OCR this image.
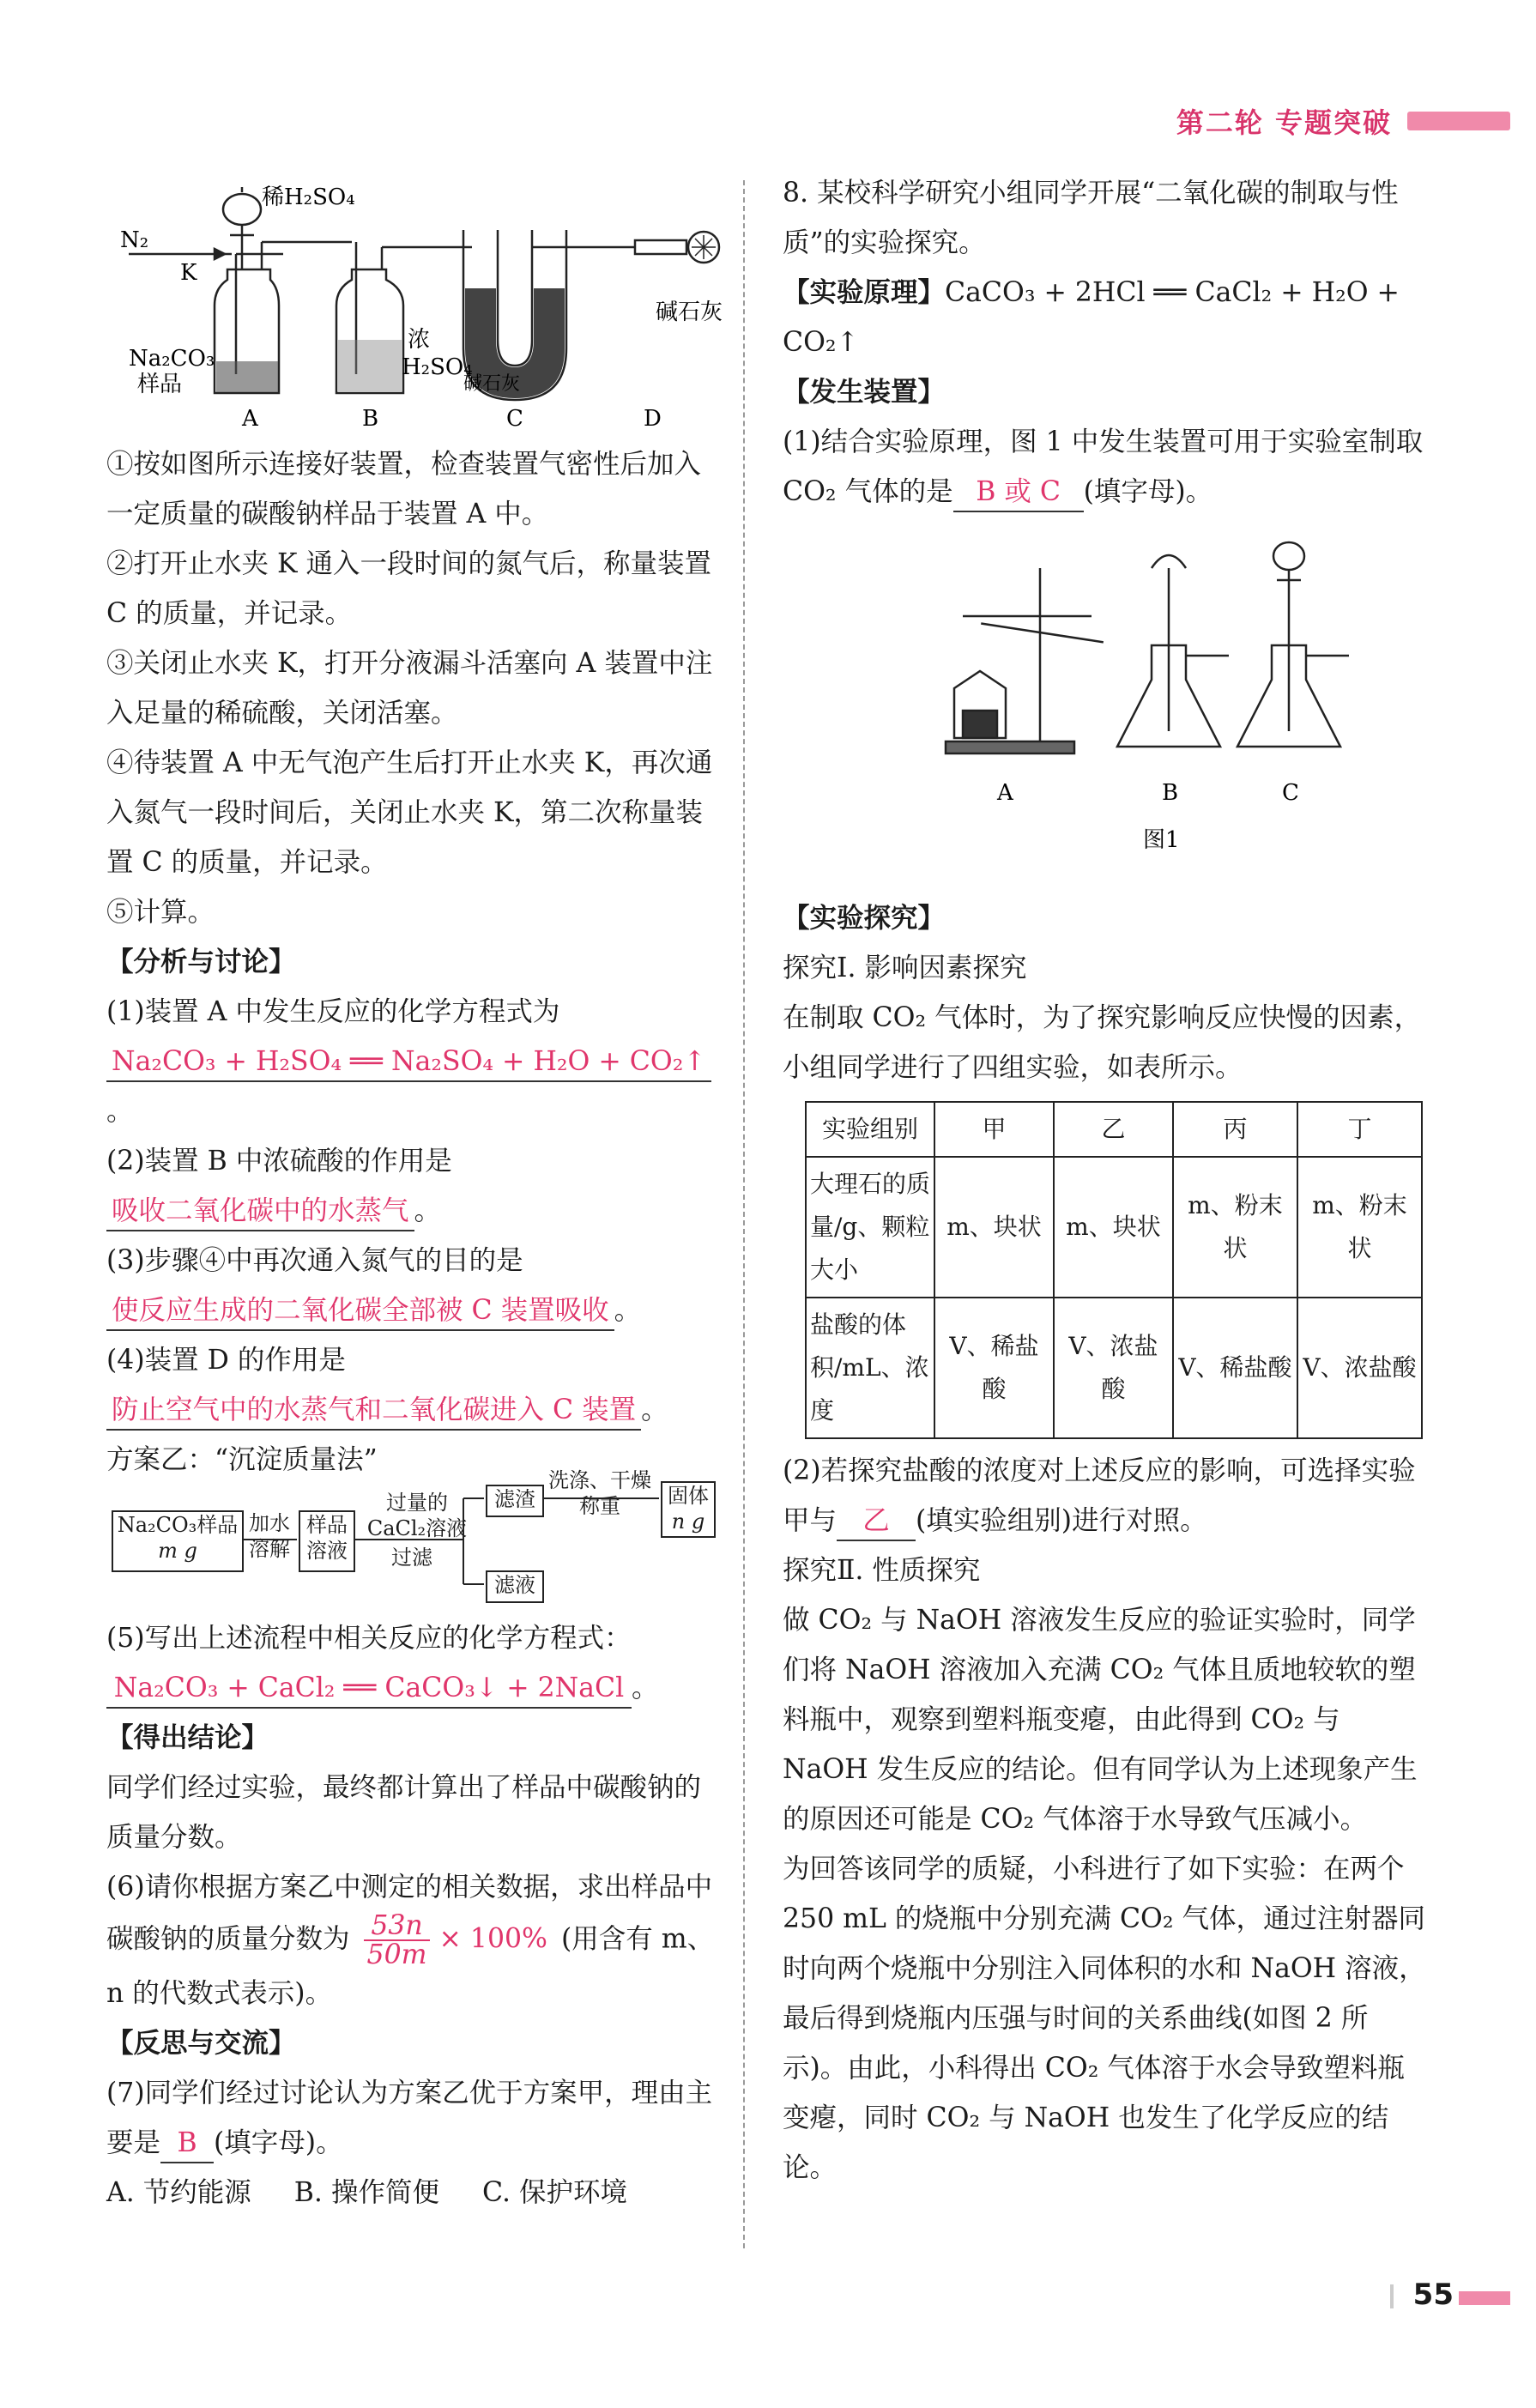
第二轮 专题突破
N₂
K
稀H₂SO₄
Na₂CO₃
样品
浓
H₂SO₄
碱石灰
碱石灰
A	B	C	D

①按如图所示连接好装置，检查装置气密性后加入一定质量的碳酸钠样品于装置 A 中。

②打开止水夹 K 通入一段时间的氮气后，称量装置 C 的质量，并记录。

③关闭止水夹 K，打开分液漏斗活塞向 A 装置中注入足量的稀硫酸，关闭活塞。

④待装置 A 中无气泡产生后打开止水夹 K，再次通入氮气一段时间后，关闭止水夹 K，第二次称量装置 C 的质量，并记录。

⑤计算。

【分析与讨论】

(1)装置 A 中发生反应的化学方程式为Na₂CO₃ + H₂SO₄ ══ Na₂SO₄ + H₂O + CO₂↑。

(2)装置 B 中浓硫酸的作用是吸收二氧化碳中的水蒸气 。

(3)步骤④中再次通入氮气的目的是使反应生成的二氧化碳全部被 C 装置吸收 。

(4)装置 D 的作用是防止空气中的水蒸气和二氧化碳进入 C 装置 。

方案乙：“沉淀质量法”

(5)写出上述流程中相关反应的化学方程式：

Na₂CO₃ + CaCl₂ ══ CaCO₃↓ + 2NaCl 。

【得出结论】

同学们经过实验，最终都计算出了样品中碳酸钠的质量分数。

(6)请你根据方案乙中测定的相关数据，求出样品中碳酸钠的质量分数为 $\frac{53n}{50m} \times 100\%$ (用含有 m、n 的代数式表示)。

【反思与交流】

(7)同学们经过讨论认为方案乙优于方案甲，理由主要是 B (填字母)。

A. 节约能源 B. 操作简便 C. 保护环境

Na₂CO₃样品
m g
加水
溶解
样品
溶液
过量的
CaCl₂溶液
过滤
滤渣
滤液
洗涤、干燥
称重	固体
n g

8. 某校科学研究小组同学开展“二氧化碳的制取与性质”的实验探究。

【实验原理】CaCO₃ + 2HCl ══ CaCl₂ + H₂O + CO₂↑

【发生装置】

(1)结合实验原理，图 1 中发生装置可用于实验室制取 CO₂ 气体的是 B 或 C (填字母)。

A	B	C
图1

【实验探究】

探究Ⅰ. 影响因素探究

在制取 CO₂ 气体时，为了探究影响反应快慢的因素，小组同学进行了四组实验，如表所示。

实验组别	甲	乙	丙	丁
大理石的质量/g、颗粒大小	m、块状	m、块状	m、粉末状	m、粉末状
盐酸的体积/mL、浓度	V、稀盐酸	V、浓盐酸	V、稀盐酸	V、浓盐酸

(2)若探究盐酸的浓度对上述反应的影响，可选择实验甲与 乙 (填实验组别)进行对照。

探究Ⅱ. 性质探究

做 CO₂ 与 NaOH 溶液发生反应的验证实验时，同学们将 NaOH 溶液加入充满 CO₂ 气体且质地较软的塑料瓶中，观察到塑料瓶变瘪，由此得到 CO₂ 与 NaOH 发生反应的结论。但有同学认为上述现象产生的原因还可能是 CO₂ 气体溶于水导致气压减小。

为回答该同学的质疑，小科进行了如下实验：在两个 250 mL 的烧瓶中分别充满 CO₂ 气体，通过注射器同时向两个烧瓶中分别注入同体积的水和 NaOH 溶液，最后得到烧瓶内压强与时间的关系曲线(如图 2 所示)。由此，小科得出 CO₂ 气体溶于水会导致塑料瓶变瘪，同时 CO₂ 与 NaOH 也发生了化学反应的结论。

55
